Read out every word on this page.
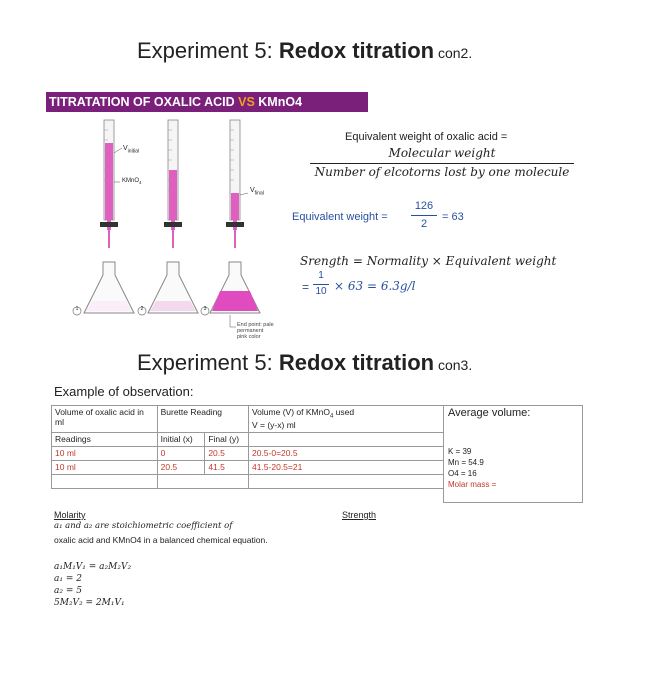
Experiment 5: Redox titration con2.
TITRATATION OF OXALIC ACID VS KMnO4
$V_{initial}$
KMnO$_4$
$V_{final}$
1	2	3
End point: pale
permanent
pink color
Equivalent weight of oxalic acid =
Molecular weight
Number of elcotorns lost by one molecule
Equivalent weight =
126
2
= 63
Srength = Normality × Equivalent weight
=
1
10 × 63 = 6.3g/l
Experiment 5: Redox titration con3.
Example of observation:
Volume of oxalic acid in ml	Burette Reading		Volume (V) of KMnO$_4$ used
V = (y-x) ml
Readings	Initial (x)	Final (y)	
10 ml	0	20.5	20.5-0=20.5
10 ml	20.5	41.5	41.5-20.5=21

Average volume:
K = 39
Mn = 54.9
O4 = 16
Molar mass =
Molarity	Strength
a₁ and a₂ are stoichiometric coefficient of
oxalic acid and KMnO4 in a balanced chemical equation.
a₁M₁V₁ = a₂M₂V₂
a₁ = 2
a₂ = 5
5M₂V₂ = 2M₁V₁
